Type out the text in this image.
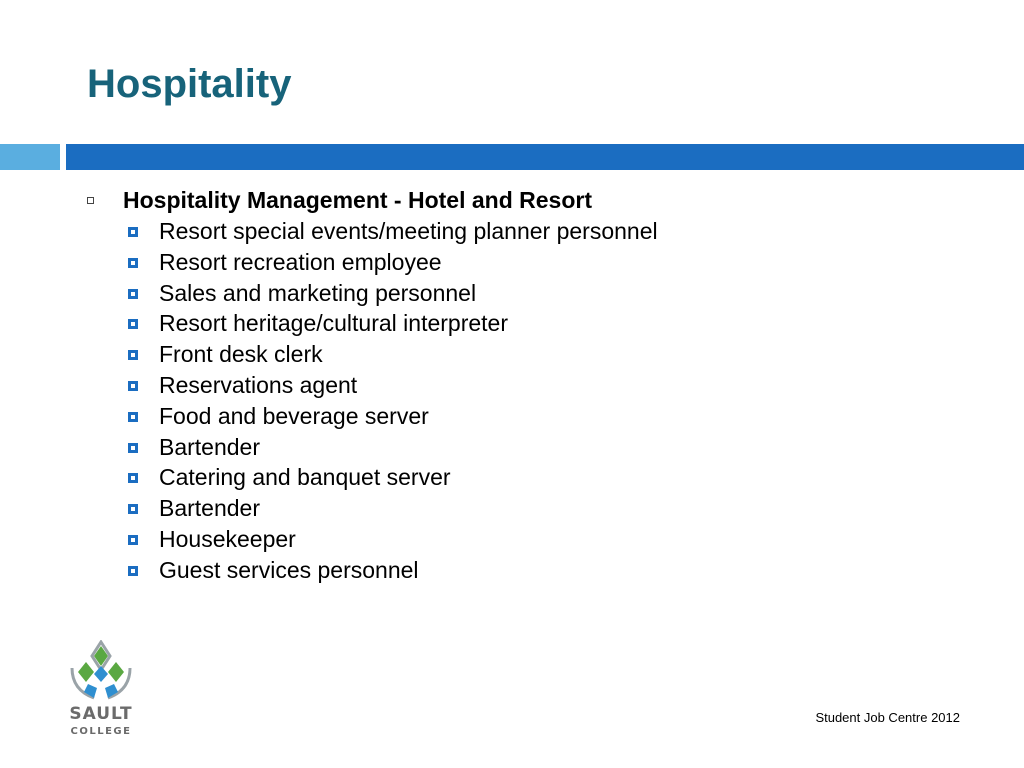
Hospitality
Hospitality Management - Hotel and Resort
Resort special events/meeting planner personnel
Resort recreation employee
Sales and marketing personnel
Resort heritage/cultural interpreter
Front desk clerk
Reservations agent
Food and beverage server
Bartender
Catering and banquet server
Bartender
Housekeeper
Guest services personnel
SAULT
COLLEGE
Student Job Centre 2012
